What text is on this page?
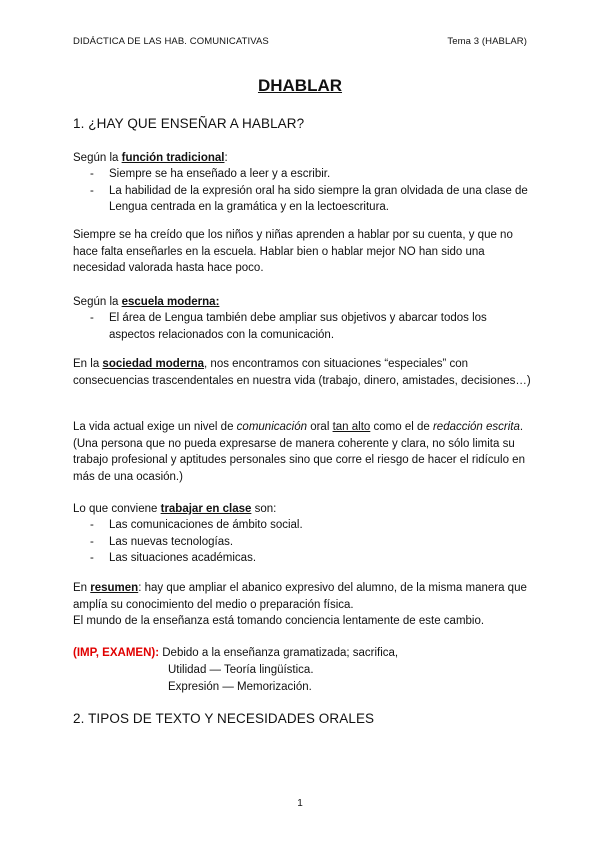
DIDÁCTICA DE LAS HAB. COMUNICATIVAS	Tema 3 (HABLAR)
DHABLAR
1. ¿HAY QUE ENSEÑAR A HABLAR?
Según la función tradicional:
- Siempre se ha enseñado a leer y a escribir.
- La habilidad de la expresión oral ha sido siempre la gran olvidada de una clase de Lengua centrada en la gramática y en la lectoescritura.
Siempre se ha creído que los niños y niñas aprenden a hablar por su cuenta, y que no hace falta enseñarles en la escuela. Hablar bien o hablar mejor NO han sido una necesidad valorada hasta hace poco.
Según la escuela moderna:
- El área de Lengua también debe ampliar sus objetivos y abarcar todos los aspectos relacionados con la comunicación.
En la sociedad moderna, nos encontramos con situaciones “especiales” con consecuencias trascendentales en nuestra vida (trabajo, dinero, amistades, decisiones…)
La vida actual exige un nivel de comunicación oral tan alto como el de redacción escrita. (Una persona que no pueda expresarse de manera coherente y clara, no sólo limita su trabajo profesional y aptitudes personales sino que corre el riesgo de hacer el ridículo en más de una ocasión.)
Lo que conviene trabajar en clase son:
- Las comunicaciones de ámbito social.
- Las nuevas tecnologías.
- Las situaciones académicas.
En resumen: hay que ampliar el abanico expresivo del alumno, de la misma manera que amplía su conocimiento del medio o preparación física.
El mundo de la enseñanza está tomando conciencia lentamente de este cambio.
(IMP, EXAMEN): Debido a la enseñanza gramatizada; sacrifica,
Utilidad — Teoría lingüística.
Expresión — Memorización.
2. TIPOS DE TEXTO Y NECESIDADES ORALES
1
